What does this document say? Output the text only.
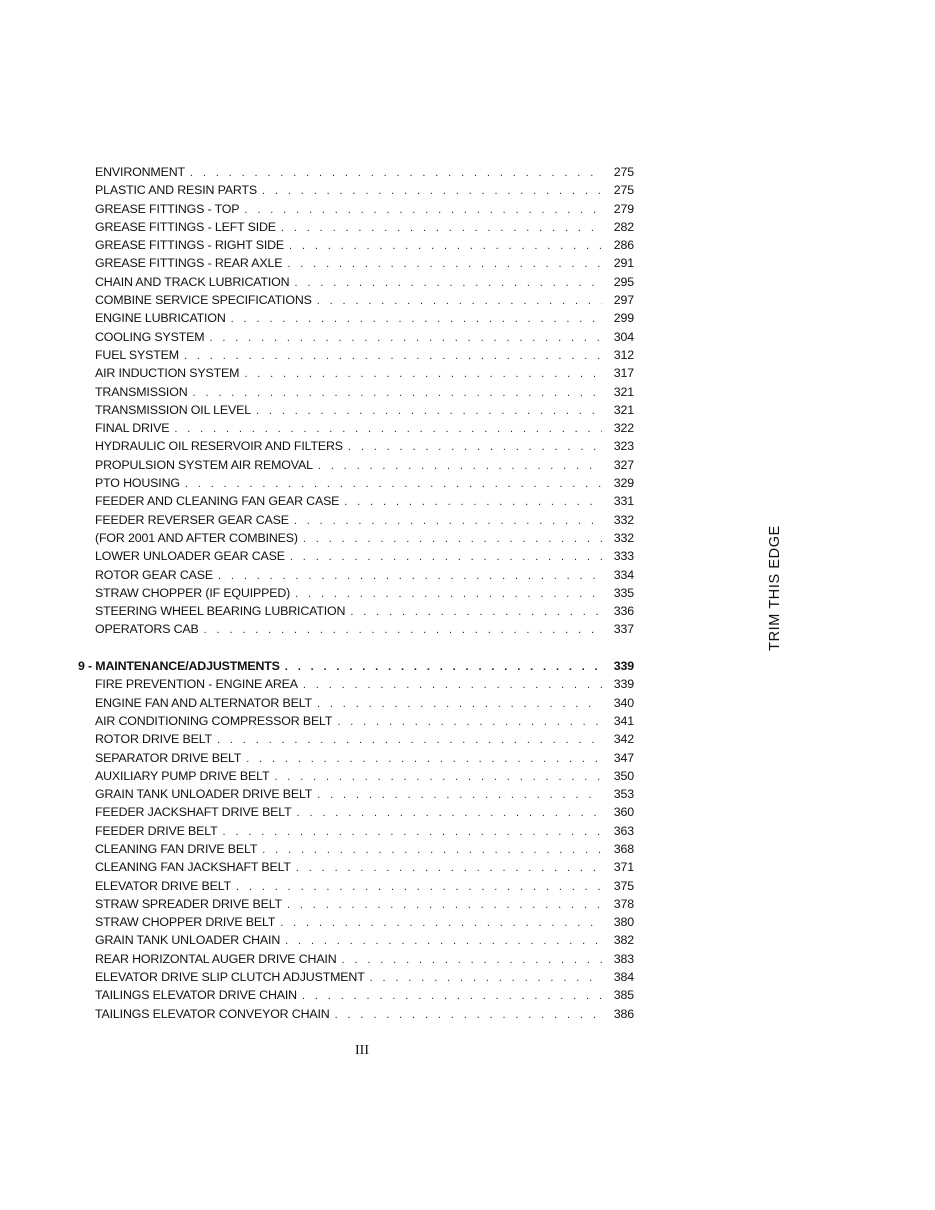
ENVIRONMENT . . .	275
PLASTIC AND RESIN PARTS . . .	275
GREASE FITTINGS - TOP . . .	279
GREASE FITTINGS - LEFT SIDE . . .	282
GREASE FITTINGS - RIGHT SIDE . . .	286
GREASE FITTINGS - REAR AXLE . . .	291
CHAIN AND TRACK LUBRICATION . . .	295
COMBINE SERVICE SPECIFICATIONS . . .	297
ENGINE LUBRICATION . . .	299
COOLING SYSTEM . . .	304
FUEL SYSTEM . . .	312
AIR INDUCTION SYSTEM . . .	317
TRANSMISSION . . .	321
TRANSMISSION OIL LEVEL . . .	321
FINAL DRIVE . . .	322
HYDRAULIC OIL RESERVOIR AND FILTERS . . .	323
PROPULSION SYSTEM AIR REMOVAL . . .	327
PTO HOUSING . . .	329
FEEDER AND CLEANING FAN GEAR CASE . . .	331
FEEDER REVERSER GEAR CASE . . .	332
(FOR 2001 AND AFTER COMBINES) . . .	332
LOWER UNLOADER GEAR CASE . . .	333
ROTOR GEAR CASE . . .	334
STRAW CHOPPER (IF EQUIPPED) . . .	335
STEERING WHEEL BEARING LUBRICATION . . .	336
OPERATORS CAB . . .	337
9 - MAINTENANCE/ADJUSTMENTS . . .	339
FIRE PREVENTION - ENGINE AREA . . .	339
ENGINE FAN AND ALTERNATOR BELT . . .	340
AIR CONDITIONING COMPRESSOR BELT . . .	341
ROTOR DRIVE BELT . . .	342
SEPARATOR DRIVE BELT . . .	347
AUXILIARY PUMP DRIVE BELT . . .	350
GRAIN TANK UNLOADER DRIVE BELT . . .	353
FEEDER JACKSHAFT DRIVE BELT . . .	360
FEEDER DRIVE BELT . . .	363
CLEANING FAN DRIVE BELT . . .	368
CLEANING FAN JACKSHAFT BELT . . .	371
ELEVATOR DRIVE BELT . . .	375
STRAW SPREADER DRIVE BELT . . .	378
STRAW CHOPPER DRIVE BELT . . .	380
GRAIN TANK UNLOADER CHAIN . . .	382
REAR HORIZONTAL AUGER DRIVE CHAIN . . .	383
ELEVATOR DRIVE SLIP CLUTCH ADJUSTMENT . . .	384
TAILINGS ELEVATOR DRIVE CHAIN . . .	385
TAILINGS ELEVATOR CONVEYOR CHAIN . . .	386
TRIM THIS EDGE
III
